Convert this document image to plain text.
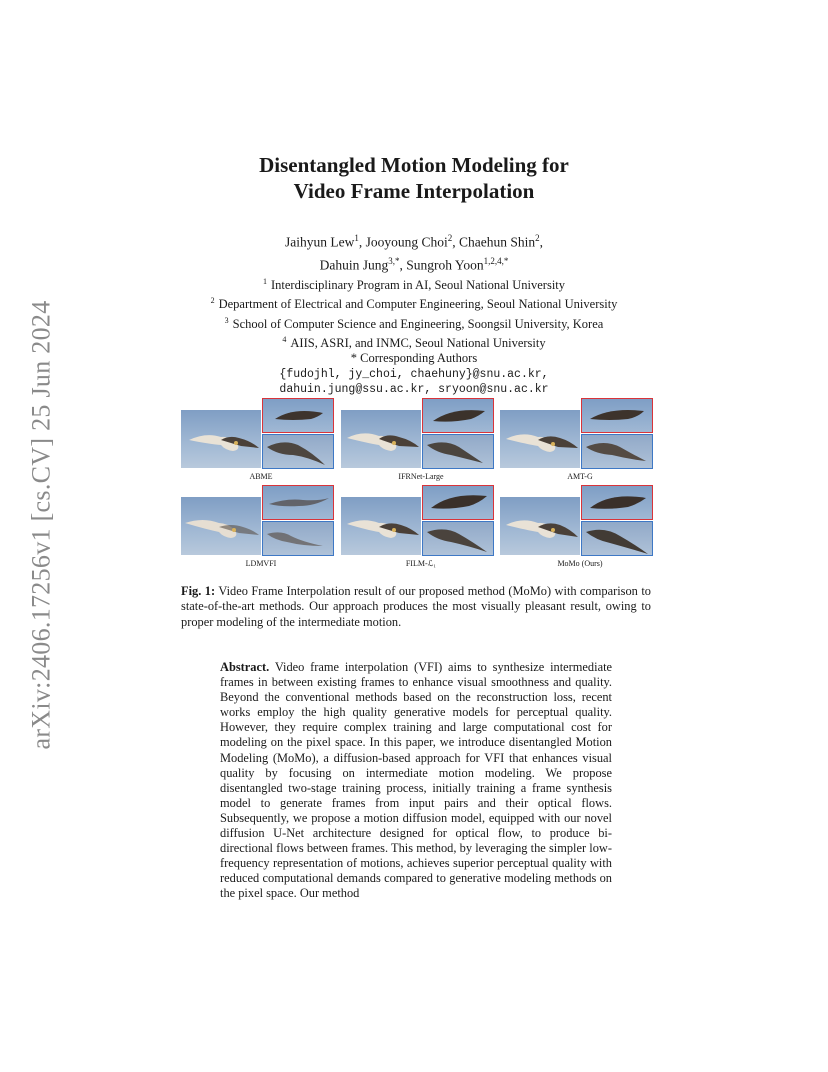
arXiv:2406.17256v1 [cs.CV] 25 Jun 2024
Disentangled Motion Modeling for
Video Frame Interpolation
Jaihyun Lew$^1$, Jooyoung Choi$^2$, Chaehun Shin$^2$,
Dahuin Jung$^{3,*}$, Sungroh Yoon$^{1,2,4,*}$
$^1$ Interdisciplinary Program in AI, Seoul National University
$^2$ Department of Electrical and Computer Engineering, Seoul National University
$^3$ School of Computer Science and Engineering, Soongsil University, Korea
$^4$ AIIS, ASRI, and INMC, Seoul National University
* Corresponding Authors
{fudojhl, jy_choi, chaehuny}@snu.ac.kr,
dahuin.jung@ssu.ac.kr, sryoon@snu.ac.kr
ABME	IFRNet-Large	AMT-G
LDMVFI	FILM-ℒ₁	MoMo (Ours)
Fig. 1: Video Frame Interpolation result of our proposed method (MoMo) with comparison to state-of-the-art methods. Our approach produces the most visually pleasant result, owing to proper modeling of the intermediate motion.
Abstract. Video frame interpolation (VFI) aims to synthesize intermediate frames in between existing frames to enhance visual smoothness and quality. Beyond the conventional methods based on the reconstruction loss, recent works employ the high quality generative models for perceptual quality. However, they require complex training and large computational cost for modeling on the pixel space. In this paper, we introduce disentangled Motion Modeling (MoMo), a diffusion-based approach for VFI that enhances visual quality by focusing on intermediate motion modeling. We propose disentangled two-stage training process, initially training a frame synthesis model to generate frames from input pairs and their optical flows. Subsequently, we propose a motion diffusion model, equipped with our novel diffusion U-Net architecture designed for optical flow, to produce bi-directional flows between frames. This method, by leveraging the simpler low-frequency representation of motions, achieves superior perceptual quality with reduced computational demands compared to generative modeling methods on the pixel space. Our method
